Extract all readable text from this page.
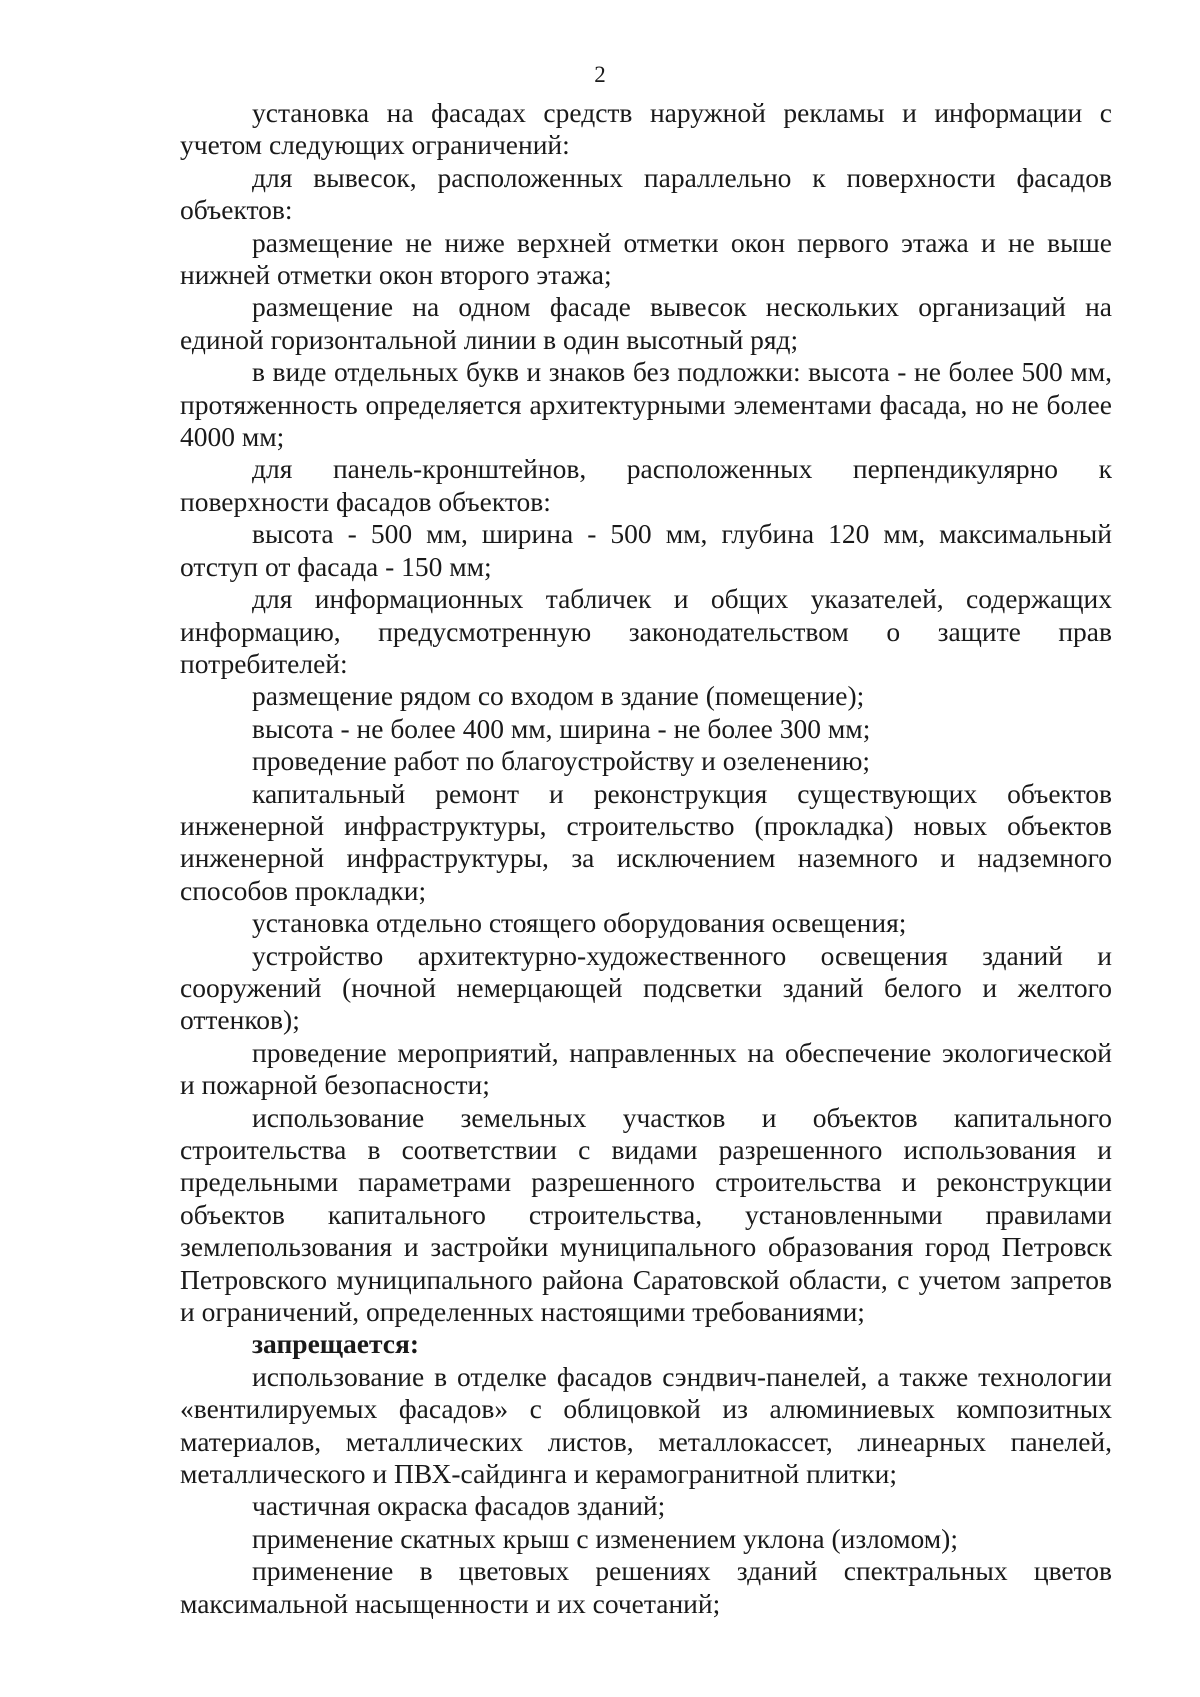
2

установка на фасадах средств наружной рекламы и информации с учетом следующих ограничений:

для вывесок, расположенных параллельно к поверхности фасадов объектов:

размещение не ниже верхней отметки окон первого этажа и не выше нижней отметки окон второго этажа;

размещение на одном фасаде вывесок нескольких организаций на единой горизонтальной линии в один высотный ряд;

в виде отдельных букв и знаков без подложки: высота - не более 500 мм, протяженность определяется архитектурными элементами фасада, но не более 4000 мм;

для панель-кронштейнов, расположенных перпендикулярно к поверхности фасадов объектов:

высота - 500 мм, ширина - 500 мм, глубина 120 мм, максимальный отступ от фасада - 150 мм;

для информационных табличек и общих указателей, содержащих информацию, предусмотренную законодательством о защите прав потребителей:

размещение рядом со входом в здание (помещение);

высота - не более 400 мм, ширина - не более 300 мм;

проведение работ по благоустройству и озеленению;

капитальный ремонт и реконструкция существующих объектов инженерной инфраструктуры, строительство (прокладка) новых объектов инженерной инфраструктуры, за исключением наземного и надземного способов прокладки;

установка отдельно стоящего оборудования освещения;

устройство архитектурно-художественного освещения зданий и сооружений (ночной немерцающей подсветки зданий белого и желтого оттенков);

проведение мероприятий, направленных на обеспечение экологической и пожарной безопасности;

использование земельных участков и объектов капитального строительства в соответствии с видами разрешенного использования и предельными параметрами разрешенного строительства и реконструкции объектов капитального строительства, установленными правилами землепользования и застройки муниципального образования город Петровск Петровского муниципального района Саратовской области, с учетом запретов и ограничений, определенных настоящими требованиями;

запрещается:

использование в отделке фасадов сэндвич-панелей, а также технологии «вентилируемых фасадов» с облицовкой из алюминиевых композитных материалов, металлических листов, металлокассет, линеарных панелей, металлического и ПВХ-сайдинга и керамогранитной плитки;

частичная окраска фасадов зданий;

применение скатных крыш с изменением уклона (изломом);

применение в цветовых решениях зданий спектральных цветов максимальной насыщенности и их сочетаний;
